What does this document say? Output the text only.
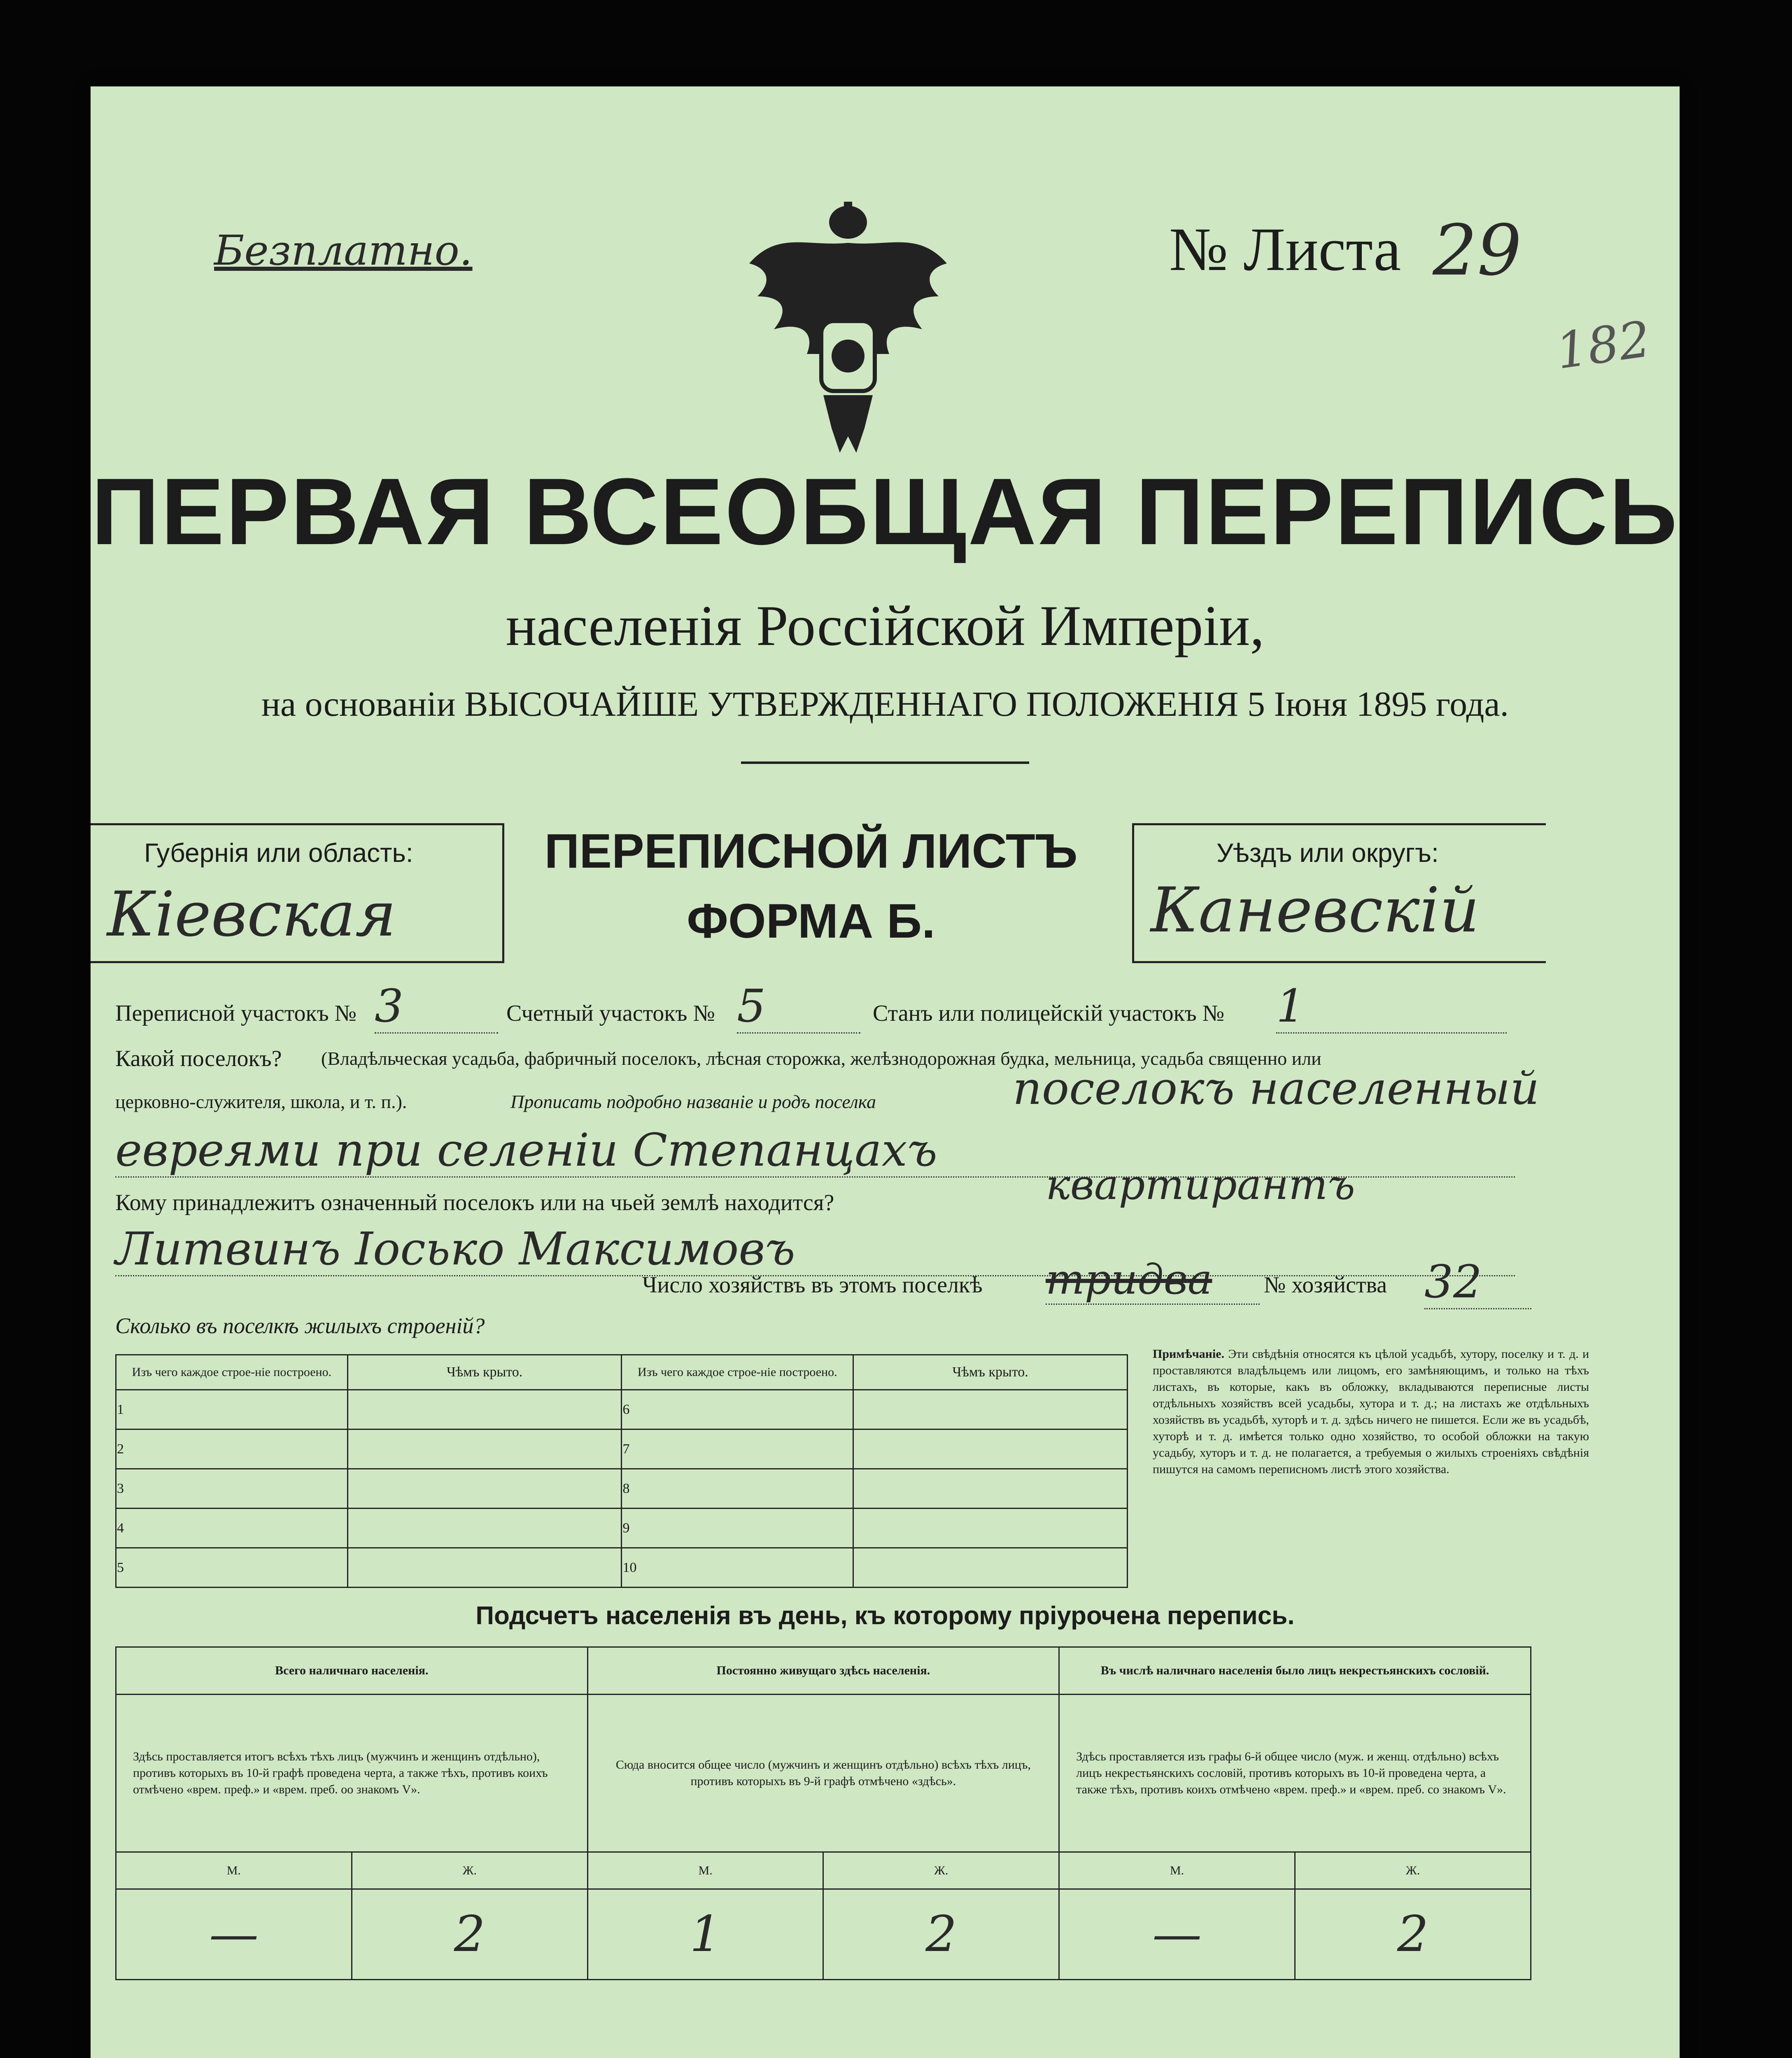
Безплатно.	№ Листа 29
182
ПЕРВАЯ ВСЕОБЩАЯ ПЕРЕПИСЬ
населенія Россійской Имперіи,
на основаніи ВЫСОЧАЙШЕ УТВЕРЖДЕННАГО ПОЛОЖЕНІЯ 5 Іюня 1895 года.
Губернія или область:
Кіевская
ПЕРЕПИСНОЙ ЛИСТЪ
ФОРМА Б.
Уѣздъ или округъ:
Каневскій
Переписной участокъ № 3	Счетный участокъ № 5	Станъ или полицейскій участокъ № 1
Какой поселокъ? (Владѣльческая усадьба, фабричный поселокъ, лѣсная сторожка, желѣзнодорожная будка, мельница, усадьба священно или
церковно-служителя, школа, и т. п.).	Прописать подробно названіе и родъ поселка	поселокъ населенный
евреями при селеніи Степанцахъ
Кому принадлежитъ означенный поселокъ или на чьей землѣ находится?	квартирантъ
Литвинъ Іосько Максимовъ
Число хозяйствъ въ этомъ поселкѣ тридва	№ хозяйства 32
Сколько въ поселкѣ жилыхъ строеній?
Изъ чего каждое строе-ніе построено.	Чѣмъ крыто.	Изъ чего каждое строе-ніе построено.	Чѣмъ крыто.
1		6	
2		7	
3		8	
4		9	
5		10	
Примѣчаніе. Эти свѣдѣнія относятся къ цѣлой усадьбѣ, хутору, поселку и т. д. и проставляются владѣльцемъ или лицомъ, его замѣняющимъ, и только на тѣхъ листахъ, въ которые, какъ въ обложку, вкладываются переписные листы отдѣльныхъ хозяйствъ всей усадьбы, хутора и т. д.; на листахъ же отдѣльныхъ хозяйствъ въ усадьбѣ, хуторѣ и т. д. здѣсь ничего не пишется. Если же въ усадьбѣ, хуторѣ и т. д. имѣется только одно хозяйство, то особой обложки на такую усадьбу, хуторъ и т. д. не полагается, а требуемыя о жилыхъ строеніяхъ свѣдѣнія пишутся на самомъ переписномъ листѣ этого хозяйства.
Подсчетъ населенія въ день, къ которому пріурочена перепись.
Всего наличнаго населенія.		Постоянно живущаго здѣсь населенія.		Въ числѣ наличнаго населенія было лицъ некрестьянскихъ сословій.	
Здѣсь проставляется итогъ всѣхъ тѣхъ лицъ (мужчинъ и женщинъ отдѣльно), противъ которыхъ въ 10-й графѣ проведена черта, а также тѣхъ, противъ коихъ отмѣчено «врем. преф.» и «врем. преб. оо знакомъ V».		Сюда вносится общее число (мужчинъ и женщинъ отдѣльно) всѣхъ тѣхъ лицъ, противъ которыхъ въ 9-й графѣ отмѣчено «здѣсь».		Здѣсь проставляется изъ графы 6-й общее число (муж. и женщ. отдѣльно) всѣхъ лицъ некрестьянскихъ сословій, противъ которыхъ въ 10-й проведена черта, а также тѣхъ, противъ коихъ отмѣчено «врем. преф.» и «врем. преб. со знакомъ V».	
М.	Ж.	М.	Ж.	М.	Ж.
—	2	1	2	—	2
